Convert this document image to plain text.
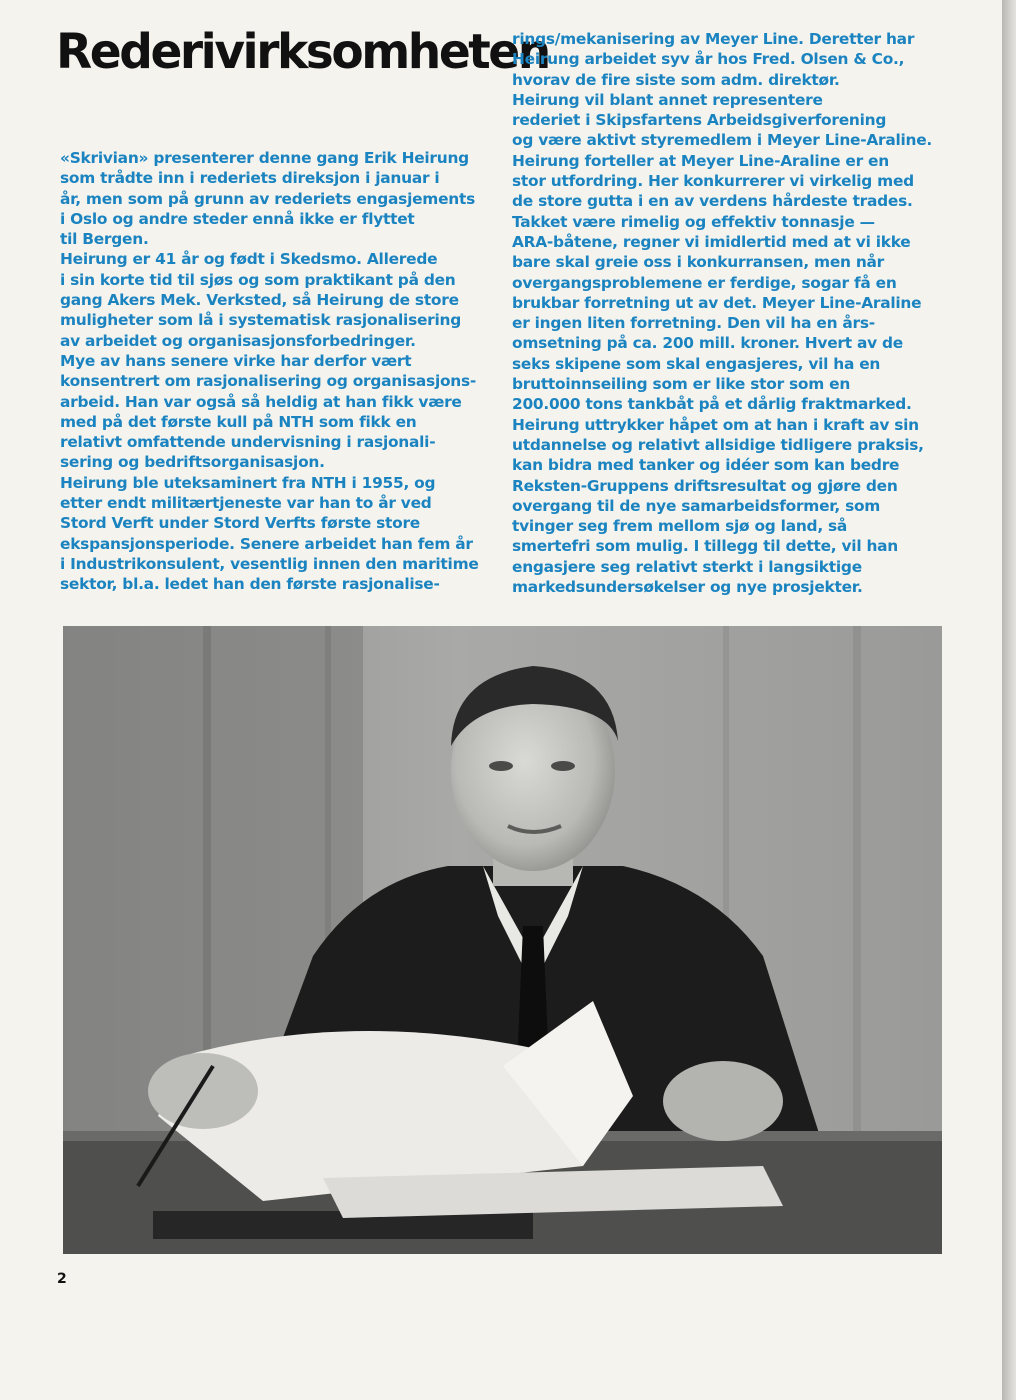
Rederivirksomheten
«Skrivian» presenterer denne gang Erik Heirung
som trådte inn i rederiets direksjon i januar i
år, men som på grunn av rederiets engasjements
i Oslo og andre steder ennå ikke er flyttet
til Bergen.
Heirung er 41 år og født i Skedsmo. Allerede
i sin korte tid til sjøs og som praktikant på den
gang Akers Mek. Verksted, så Heirung de store
muligheter som lå i systematisk rasjonalisering
av arbeidet og organisasjonsforbedringer.
Mye av hans senere virke har derfor vært
konsentrert om rasjonalisering og organisasjons-
arbeid. Han var også så heldig at han fikk være
med på det første kull på NTH som fikk en
relativt omfattende undervisning i rasjonali-
sering og bedriftsorganisasjon.
Heirung ble uteksaminert fra NTH i 1955, og
etter endt militærtjeneste var han to år ved
Stord Verft under Stord Verfts første store
ekspansjonsperiode. Senere arbeidet han fem år
i Industrikonsulent, vesentlig innen den maritime
sektor, bl.a. ledet han den første rasjonalise-
rings/mekanisering av Meyer Line. Deretter har
Heirung arbeidet syv år hos Fred. Olsen & Co.,
hvorav de fire siste som adm. direktør.
Heirung vil blant annet representere
rederiet i Skipsfartens Arbeidsgiverforening
og være aktivt styremedlem i Meyer Line-Araline.
Heirung forteller at Meyer Line-Araline er en
stor utfordring. Her konkurrerer vi virkelig med
de store gutta i en av verdens hårdeste trades.
Takket være rimelig og effektiv tonnasje —
ARA-båtene, regner vi imidlertid med at vi ikke
bare skal greie oss i konkurransen, men når
overgangsproblemene er ferdige, sogar få en
brukbar forretning ut av det. Meyer Line-Araline
er ingen liten forretning. Den vil ha en års-
omsetning på ca. 200 mill. kroner. Hvert av de
seks skipene som skal engasjeres, vil ha en
bruttoinnseiling som er like stor som en
200.000 tons tankbåt på et dårlig fraktmarked.
Heirung uttrykker håpet om at han i kraft av sin
utdannelse og relativt allsidige tidligere praksis,
kan bidra med tanker og idéer som kan bedre
Reksten-Gruppens driftsresultat og gjøre den
overgang til de nye samarbeidsformer, som
tvinger seg frem mellom sjø og land, så
smertefri som mulig. I tillegg til dette, vil han
engasjere seg relativt sterkt i langsiktige
markedsundersøkelser og nye prosjekter.
2
